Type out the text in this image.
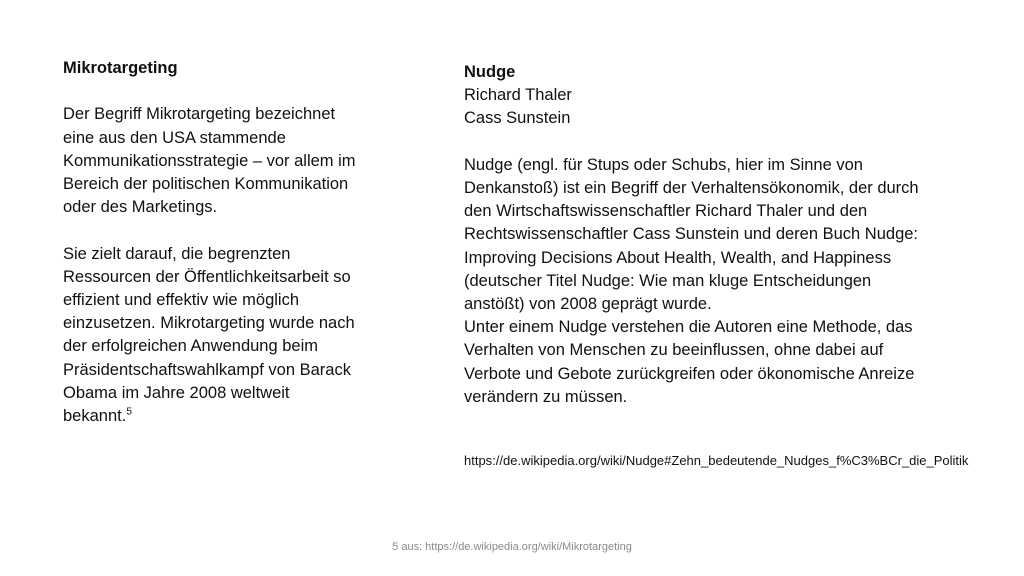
Mikrotargeting

Der Begriff Mikrotargeting bezeichnet

eine aus den USA stammende

Kommunikationsstrategie – vor allem im

Bereich der politischen Kommunikation

oder des Marketings.

Sie zielt darauf, die begrenzten

Ressourcen der Öffentlichkeitsarbeit so

effizient und effektiv wie möglich

einzusetzen. Mikrotargeting wurde nach

der erfolgreichen Anwendung beim

Präsidentschaftswahlkampf von Barack

Obama im Jahre 2008 weltweit

bekannt.$^5$

Nudge

Richard Thaler

Cass Sunstein

Nudge (engl. für Stups oder Schubs, hier im Sinne von

Denkanstoß) ist ein Begriff der Verhaltensökonomik, der durch

den Wirtschaftswissenschaftler Richard Thaler und den

Rechtswissenschaftler Cass Sunstein und deren Buch Nudge:

Improving Decisions About Health, Wealth, and Happiness

(deutscher Titel Nudge: Wie man kluge Entscheidungen

anstößt) von 2008 geprägt wurde.

Unter einem Nudge verstehen die Autoren eine Methode, das

Verhalten von Menschen zu beeinflussen, ohne dabei auf

Verbote und Gebote zurückgreifen oder ökonomische Anreize

verändern zu müssen.

https://de.wikipedia.org/wiki/Nudge#Zehn_bedeutende_Nudges_f%C3%BCr_die_Politik
5 aus: https://de.wikipedia.org/wiki/Mikrotargeting
